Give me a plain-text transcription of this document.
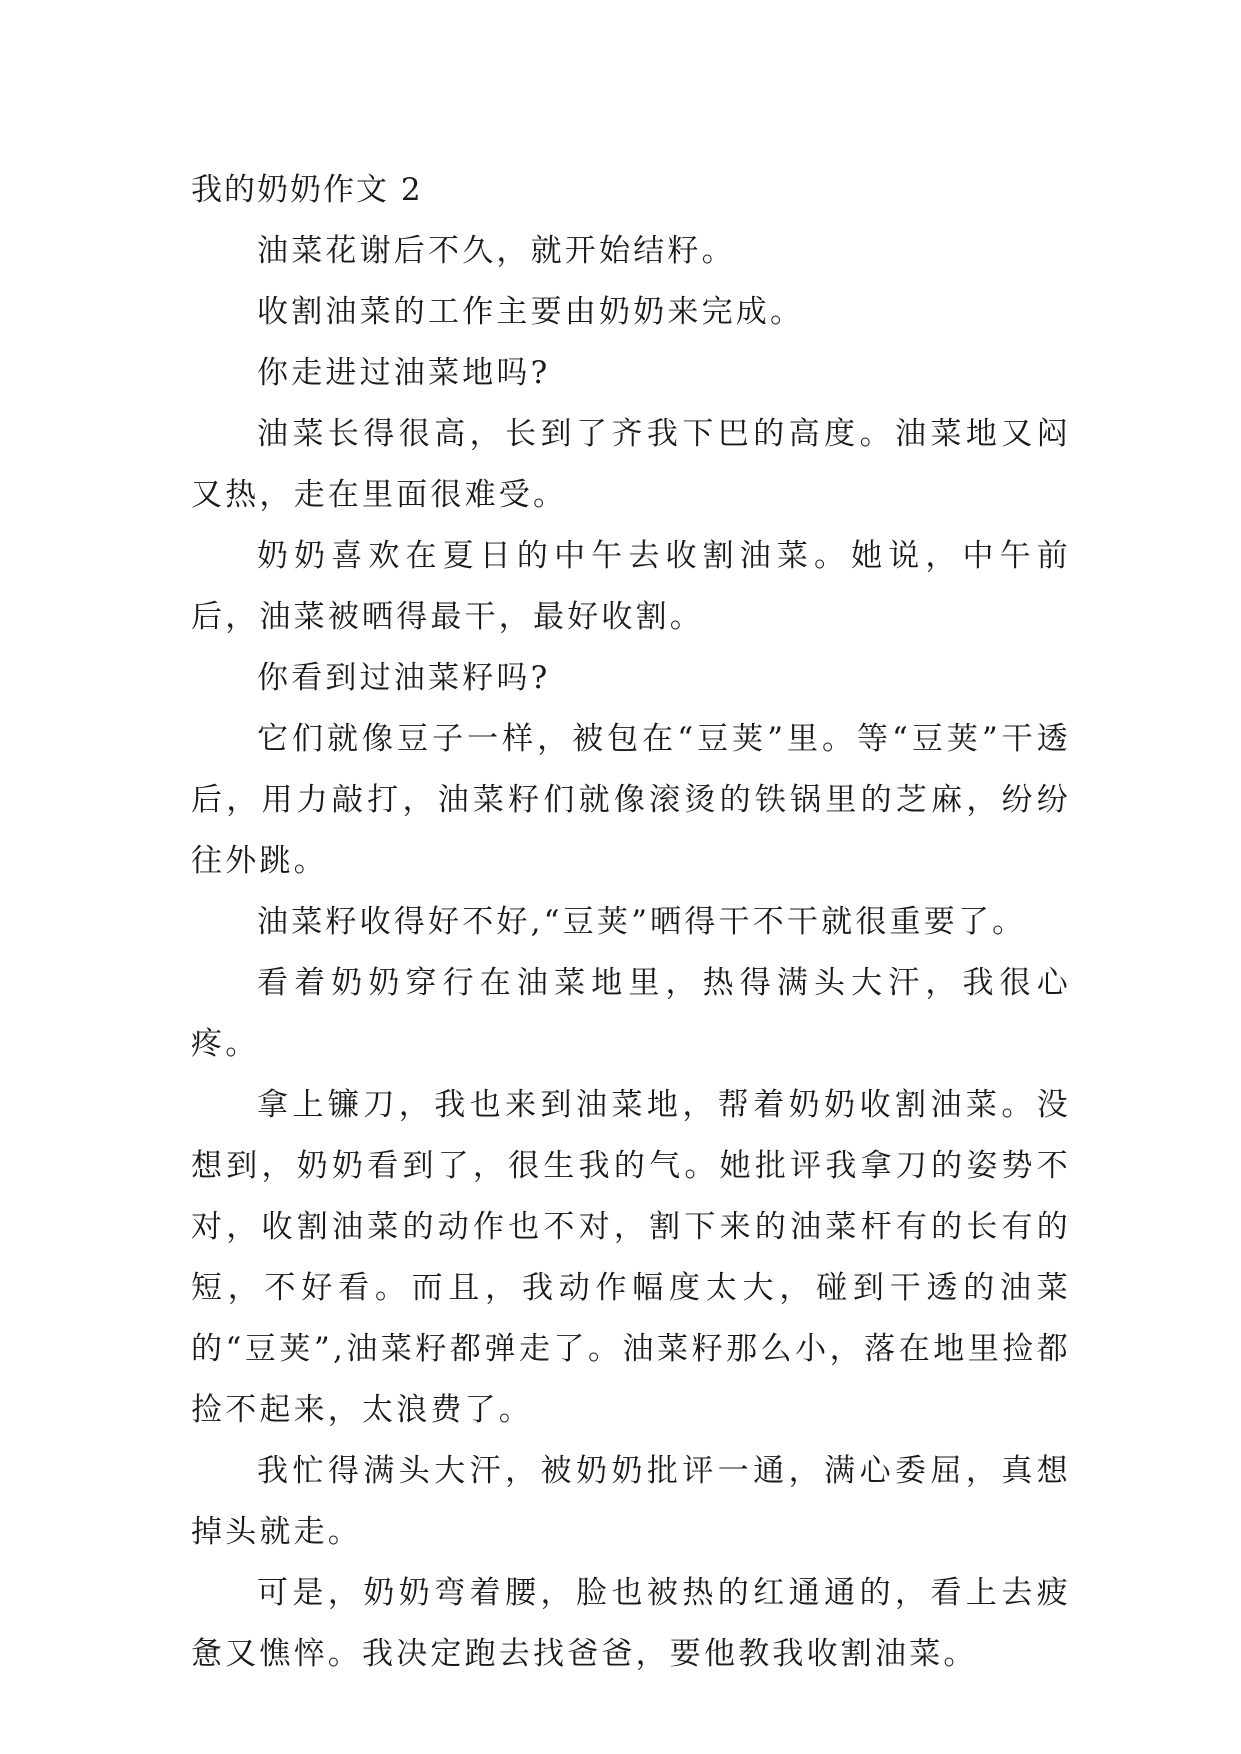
我的奶奶作文 2

油菜花谢后不久，就开始结籽。

收割油菜的工作主要由奶奶来完成。

你走进过油菜地吗?

油菜长得很高，长到了齐我下巴的高度。油菜地又闷又热，走在里面很难受。

奶奶喜欢在夏日的中午去收割油菜。她说，中午前后，油菜被晒得最干，最好收割。

你看到过油菜籽吗?

它们就像豆子一样，被包在“豆荚”里。等“豆荚”干透后，用力敲打，油菜籽们就像滚烫的铁锅里的芝麻，纷纷往外跳。

油菜籽收得好不好,“豆荚”晒得干不干就很重要了。

看着奶奶穿行在油菜地里，热得满头大汗，我很心疼。

拿上镰刀，我也来到油菜地，帮着奶奶收割油菜。没想到，奶奶看到了，很生我的气。她批评我拿刀的姿势不对，收割油菜的动作也不对，割下来的油菜杆有的长有的短，不好看。而且，我动作幅度太大，碰到干透的油菜的“豆荚”,油菜籽都弹走了。油菜籽那么小，落在地里捡都捡不起来，太浪费了。

我忙得满头大汗，被奶奶批评一通，满心委屈，真想掉头就走。

可是，奶奶弯着腰，脸也被热的红通通的，看上去疲惫又憔悴。我决定跑去找爸爸，要他教我收割油菜。
